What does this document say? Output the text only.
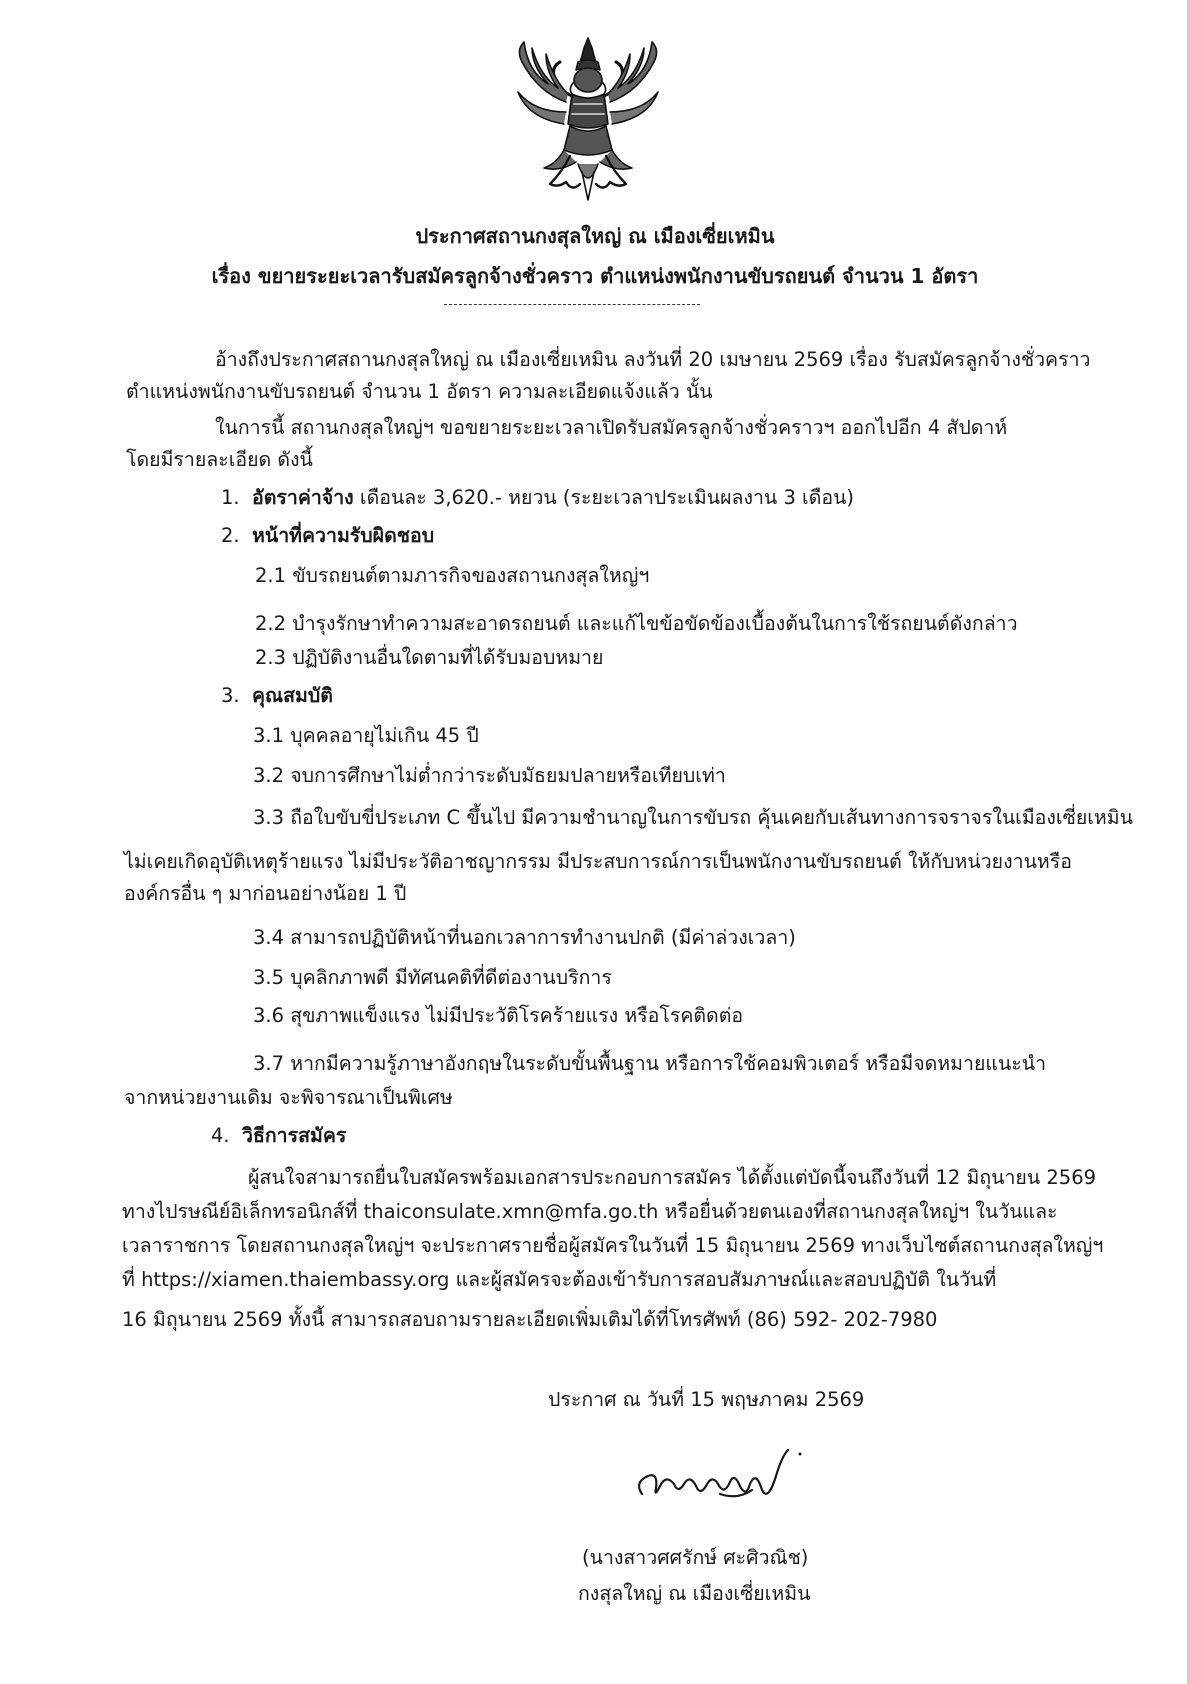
ประกาศสถานกงสุลใหญ่ ณ เมืองเซี่ยเหมิน
เรื่อง ขยายระยะเวลารับสมัครลูกจ้างชั่วคราว ตำแหน่งพนักงานขับรถยนต์ จำนวน 1 อัตรา
อ้างถึงประกาศสถานกงสุลใหญ่ ณ เมืองเซี่ยเหมิน ลงวันที่ 20 เมษายน 2569 เรื่อง รับสมัครลูกจ้างชั่วคราว
ตำแหน่งพนักงานขับรถยนต์ จำนวน 1 อัตรา ความละเอียดแจ้งแล้ว นั้น
ในการนี้ สถานกงสุลใหญ่ฯ ขอขยายระยะเวลาเปิดรับสมัครลูกจ้างชั่วคราวฯ ออกไปอีก 4 สัปดาห์
โดยมีรายละเอียด ดังนี้
1. อัตราค่าจ้าง เดือนละ 3,620.- หยวน (ระยะเวลาประเมินผลงาน 3 เดือน)
2. หน้าที่ความรับผิดชอบ
2.1 ขับรถยนต์ตามภารกิจของสถานกงสุลใหญ่ฯ
2.2 บำรุงรักษาทำความสะอาดรถยนต์ และแก้ไขข้อขัดข้องเบื้องต้นในการใช้รถยนต์ดังกล่าว
2.3 ปฏิบัติงานอื่นใดตามที่ได้รับมอบหมาย
3. คุณสมบัติ
3.1 บุคคลอายุไม่เกิน 45 ปี
3.2 จบการศึกษาไม่ต่ำกว่าระดับมัธยมปลายหรือเทียบเท่า
3.3 ถือใบขับขี่ประเภท C ขึ้นไป มีความชำนาญในการขับรถ คุ้นเคยกับเส้นทางการจราจรในเมืองเซี่ยเหมิน
ไม่เคยเกิดอุบัติเหตุร้ายแรง ไม่มีประวัติอาชญากรรม มีประสบการณ์การเป็นพนักงานขับรถยนต์ ให้กับหน่วยงานหรือ
องค์กรอื่น ๆ มาก่อนอย่างน้อย 1 ปี
3.4 สามารถปฏิบัติหน้าที่นอกเวลาการทำงานปกติ (มีค่าล่วงเวลา)
3.5 บุคลิกภาพดี มีทัศนคติที่ดีต่องานบริการ
3.6 สุขภาพแข็งแรง ไม่มีประวัติโรคร้ายแรง หรือโรคติดต่อ
3.7 หากมีความรู้ภาษาอังกฤษในระดับขั้นพื้นฐาน หรือการใช้คอมพิวเตอร์ หรือมีจดหมายแนะนำ
จากหน่วยงานเดิม จะพิจารณาเป็นพิเศษ
4. วิธีการสมัคร
ผู้สนใจสามารถยื่นใบสมัครพร้อมเอกสารประกอบการสมัคร ได้ตั้งแต่บัดนี้จนถึงวันที่ 12 มิถุนายน 2569
ทางไปรษณีย์อิเล็กทรอนิกส์ที่ thaiconsulate.xmn@mfa.go.th หรือยื่นด้วยตนเองที่สถานกงสุลใหญ่ฯ ในวันและ
เวลาราชการ โดยสถานกงสุลใหญ่ฯ จะประกาศรายชื่อผู้สมัครในวันที่ 15 มิถุนายน 2569 ทางเว็บไซต์สถานกงสุลใหญ่ฯ
ที่ https://xiamen.thaiembassy.org และผู้สมัครจะต้องเข้ารับการสอบสัมภาษณ์และสอบปฏิบัติ ในวันที่
16 มิถุนายน 2569 ทั้งนี้ สามารถสอบถามรายละเอียดเพิ่มเติมได้ที่โทรศัพท์ (86) 592- 202-7980
ประกาศ ณ วันที่ 15 พฤษภาคม 2569
(นางสาวศศรักษ์ ศะศิวณิช)
กงสุลใหญ่ ณ เมืองเซี่ยเหมิน
